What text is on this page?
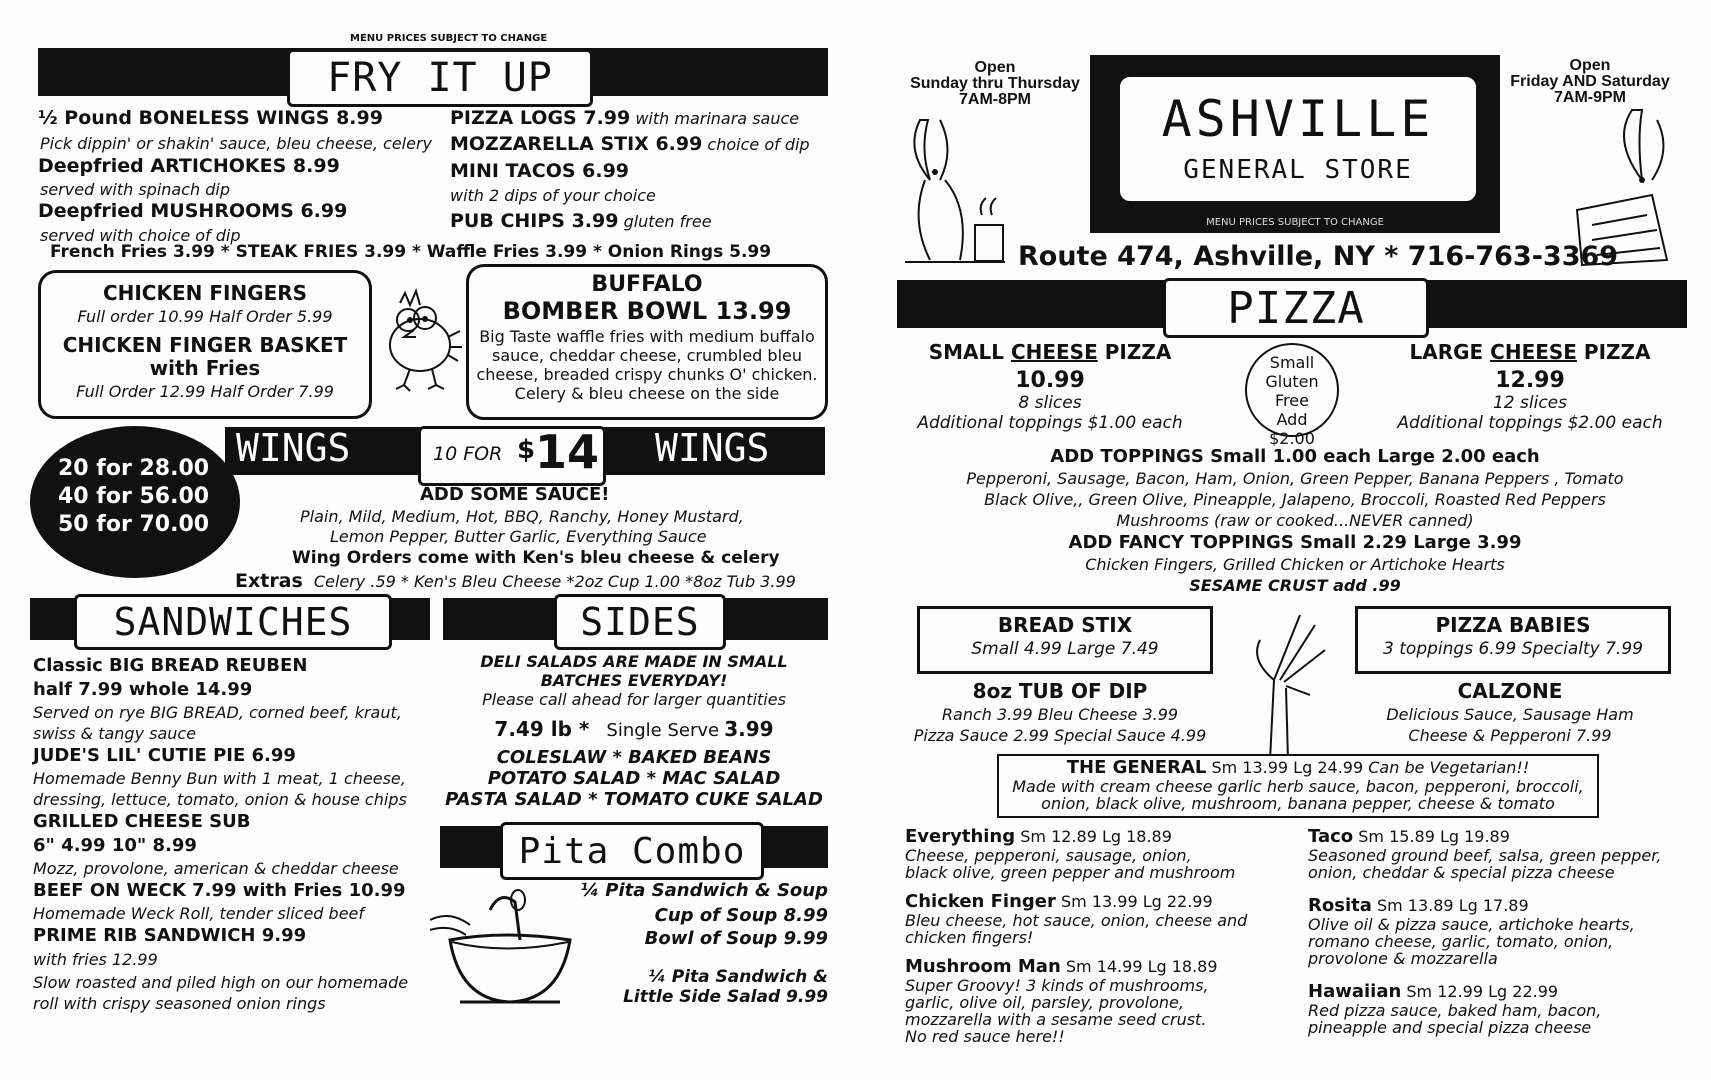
MENU PRICES SUBJECT TO CHANGE
FRY IT UP
½ Pound BONELESS WINGS 8.99
Pick dippin' or shakin' sauce, bleu cheese, celery
Deepfried ARTICHOKES 8.99
served with spinach dip
Deepfried MUSHROOMS 6.99
served with choice of dip
PIZZA LOGS 7.99 with marinara sauce
MOZZARELLA STIX 6.99 choice of dip
MINI TACOS 6.99
with 2 dips of your choice
PUB CHIPS 3.99 gluten free
French Fries 3.99 * STEAK FRIES 3.99 * Waffle Fries 3.99 * Onion Rings 5.99
CHICKEN FINGERS
Full order 10.99 Half Order 5.99
CHICKEN FINGER BASKET
with Fries
Full Order 12.99 Half Order 7.99
BUFFALO
BOMBER BOWL 13.99
Big Taste waffle fries with medium buffalo
sauce, cheddar cheese, crumbled bleu
cheese, breaded crispy chunks O' chicken.
Celery & bleu cheese on the side
WINGS	WINGS
10 FOR $ 14
20 for 28.00
40 for 56.00
50 for 70.00
ADD SOME SAUCE!
Plain, Mild, Medium, Hot, BBQ, Ranchy, Honey Mustard,
Lemon Pepper, Butter Garlic, Everything Sauce
Wing Orders come with Ken's bleu cheese & celery
Extras Celery .59 * Ken's Bleu Cheese *2oz Cup 1.00 *8oz Tub 3.99
SANDWICHES	SIDES
Classic BIG BREAD REUBEN
half 7.99 whole 14.99
Served on rye BIG BREAD, corned beef, kraut,
swiss & tangy sauce
JUDE'S LIL' CUTIE PIE 6.99
Homemade Benny Bun with 1 meat, 1 cheese,
dressing, lettuce, tomato, onion & house chips
GRILLED CHEESE SUB
6" 4.99 10" 8.99
Mozz, provolone, american & cheddar cheese
BEEF ON WECK 7.99 with Fries 10.99
Homemade Weck Roll, tender sliced beef
PRIME RIB SANDWICH 9.99
with fries 12.99
Slow roasted and piled high on our homemade
roll with crispy seasoned onion rings
DELI SALADS ARE MADE IN SMALL
BATCHES EVERYDAY!
Please call ahead for larger quantities
7.49 lb * Single Serve 3.99
COLESLAW * BAKED BEANS
POTATO SALAD * MAC SALAD
PASTA SALAD * TOMATO CUKE SALAD
Pita Combo
¼ Pita Sandwich & Soup
Cup of Soup 8.99
Bowl of Soup 9.99
¼ Pita Sandwich &
Little Side Salad 9.99
Open
Sunday thru Thursday
7AM-8PM
Open
Friday AND Saturday
7AM-9PM
ASHVILLE
GENERAL STORE
MENU PRICES SUBJECT TO CHANGE
Route 474, Ashville, NY * 716-763-3369
PIZZA
SMALL CHEESE PIZZA
10.99
8 slices
Additional toppings $1.00 each
Small
Gluten Free
Add
$2.00
LARGE CHEESE PIZZA
12.99
12 slices
Additional toppings $2.00 each
ADD TOPPINGS Small 1.00 each Large 2.00 each
Pepperoni, Sausage, Bacon, Ham, Onion, Green Pepper, Banana Peppers , Tomato
Black Olive,, Green Olive, Pineapple, Jalapeno, Broccoli, Roasted Red Peppers
Mushrooms (raw or cooked...NEVER canned)
ADD FANCY TOPPINGS Small 2.29 Large 3.99
Chicken Fingers, Grilled Chicken or Artichoke Hearts
SESAME CRUST add .99
BREAD STIX
Small 4.99 Large 7.49
PIZZA BABIES
3 toppings 6.99 Specialty 7.99
8oz TUB OF DIP
Ranch 3.99 Bleu Cheese 3.99
Pizza Sauce 2.99 Special Sauce 4.99
CALZONE
Delicious Sauce, Sausage Ham
Cheese & Pepperoni 7.99
THE GENERAL Sm 13.99 Lg 24.99 Can be Vegetarian!!
Made with cream cheese garlic herb sauce, bacon, pepperoni, broccoli,
onion, black olive, mushroom, banana pepper, cheese & tomato
Everything Sm 12.89 Lg 18.89
Cheese, pepperoni, sausage, onion,
black olive, green pepper and mushroom
Chicken Finger Sm 13.99 Lg 22.99
Bleu cheese, hot sauce, onion, cheese and
chicken fingers!
Mushroom Man Sm 14.99 Lg 18.89
Super Groovy! 3 kinds of mushrooms,
garlic, olive oil, parsley, provolone,
mozzarella with a sesame seed crust.
No red sauce here!!
Taco Sm 15.89 Lg 19.89
Seasoned ground beef, salsa, green pepper,
onion, cheddar & special pizza cheese
Rosita Sm 13.89 Lg 17.89
Olive oil & pizza sauce, artichoke hearts,
romano cheese, garlic, tomato, onion,
provolone & mozzarella
Hawaiian Sm 12.99 Lg 22.99
Red pizza sauce, baked ham, bacon,
pineapple and special pizza cheese
